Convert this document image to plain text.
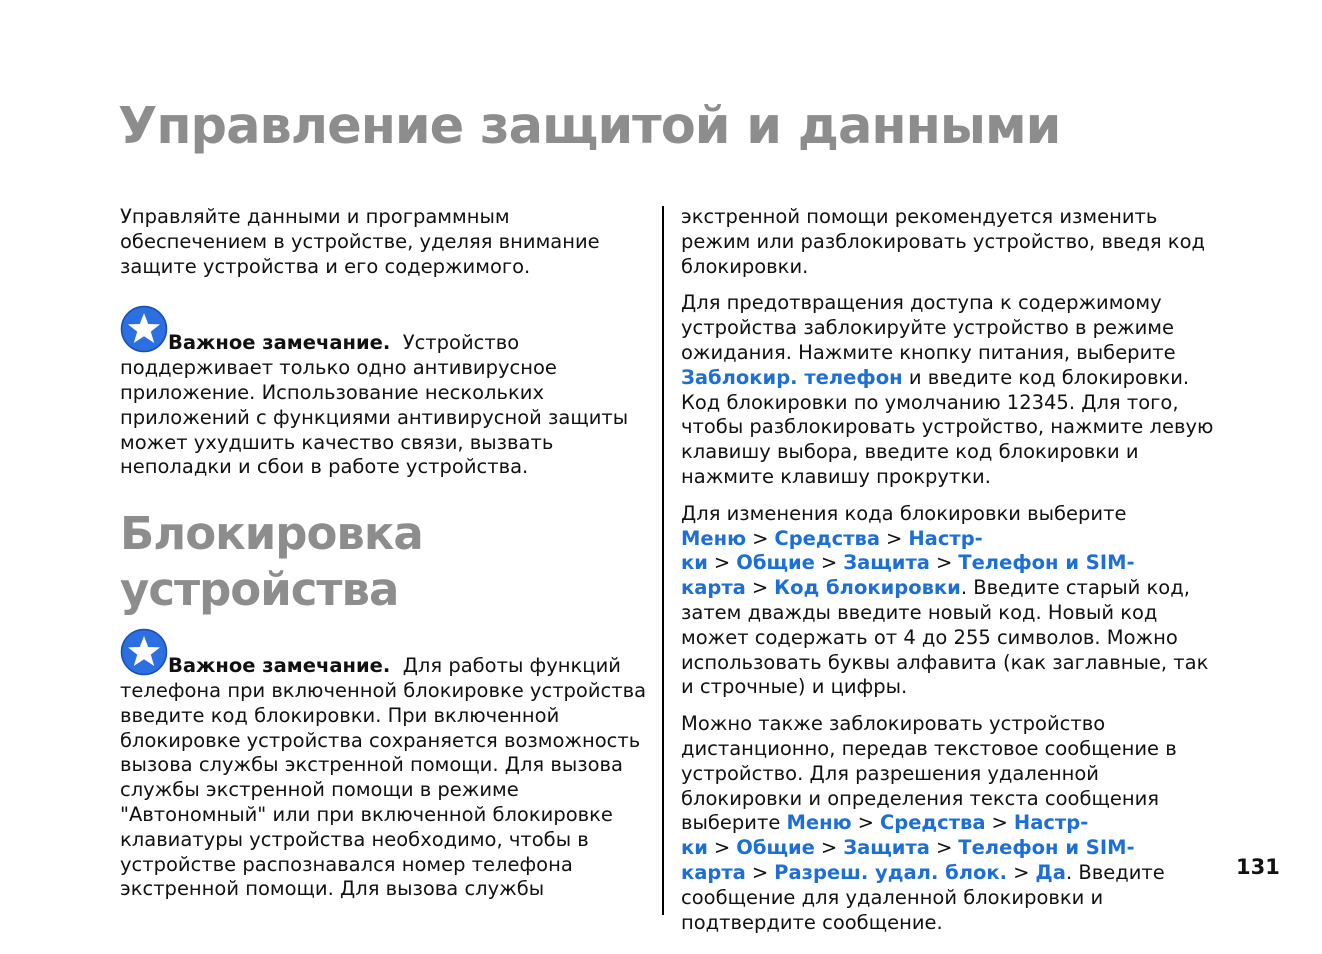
Управление защитой и данными

Управляйте данными и программным обеспечением в устройстве, уделяя внимание защите устройства и его содержимого.

Важное замечание. Устройство поддерживает только одно антивирусное приложение. Использование нескольких приложений с функциями антивирусной защиты может ухудшить качество связи, вызвать неполадки и сбои в работе устройства.

Блокировка устройства

Важное замечание. Для работы функций телефона при включенной блокировке устройства введите код блокировки. При включенной блокировке устройства сохраняется возможность вызова службы экстренной помощи. Для вызова службы экстренной помощи в режиме "Автономный" или при включенной блокировке клавиатуры устройства необходимо, чтобы в устройстве распознавался номер телефона экстренной помощи. Для вызова службы

экстренной помощи рекомендуется изменить режим или разблокировать устройство, введя код блокировки.

Для предотвращения доступа к содержимому устройства заблокируйте устройство в режиме ожидания. Нажмите кнопку питания, выберите Заблокир. телефон и введите код блокировки. Код блокировки по умолчанию 12345. Для того, чтобы разблокировать устройство, нажмите левую клавишу выбора, введите код блокировки и нажмите клавишу прокрутки.

Для изменения кода блокировки выберите Меню > Средства > Настр-ки > Общие > Защита > Телефон и SIM-карта > Код блокировки. Введите старый код, затем дважды введите новый код. Новый код может содержать от 4 до 255 символов. Можно использовать буквы алфавита (как заглавные, так и строчные) и цифры.

Можно также заблокировать устройство дистанционно, передав текстовое сообщение в устройство. Для разрешения удаленной блокировки и определения текста сообщения выберите Меню > Средства > Настр-ки > Общие > Защита > Телефон и SIM-карта > Разреш. удал. блок. > Да. Введите сообщение для удаленной блокировки и подтвердите сообщение.

131
